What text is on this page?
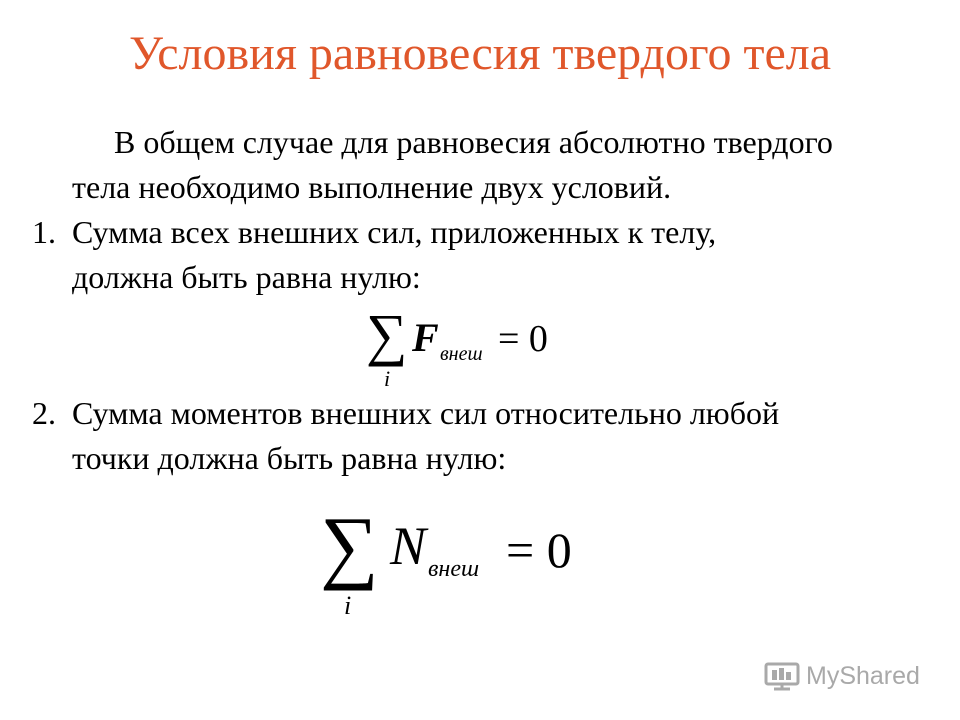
Условия равновесия твердого тела
В общем случае для равновесия абсолютно твердого
тела необходимо выполнение двух условий.
1. Сумма всех внешних сил, приложенных к телу,
должна быть равна нулю:
∑
i
F внеш = 0
2. Сумма моментов внешних сил относительно любой
точки должна быть равна нулю:
∑
i
N внеш = 0
MyShared
